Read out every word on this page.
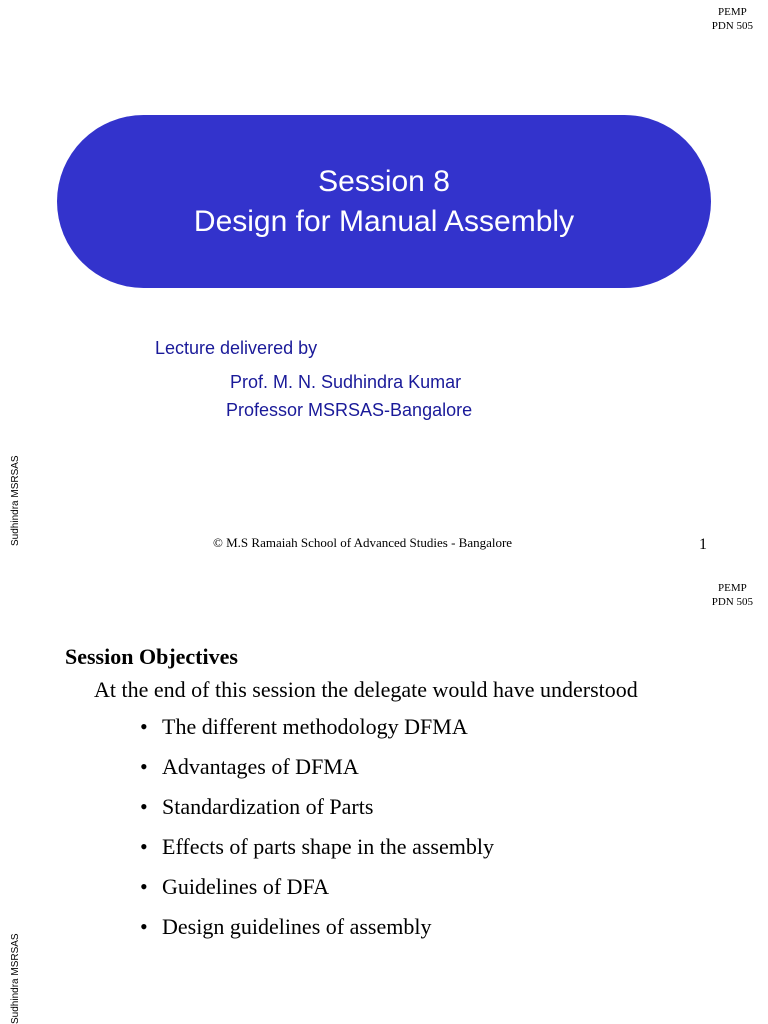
PEMP
PDN 505
Session 8
Design for Manual Assembly
Lecture delivered by
Prof. M. N. Sudhindra Kumar
Professor MSRSAS-Bangalore
© M.S Ramaiah School of Advanced Studies - Bangalore	1
Sudhindra MSRSAS
PEMP
PDN 505
Session Objectives
At the end of this session the delegate would have understood
• The different methodology DFMA
• Advantages of DFMA
• Standardization of Parts
• Effects of parts shape in the assembly
• Guidelines of DFA
• Design guidelines of assembly
Sudhindra MSRSAS
